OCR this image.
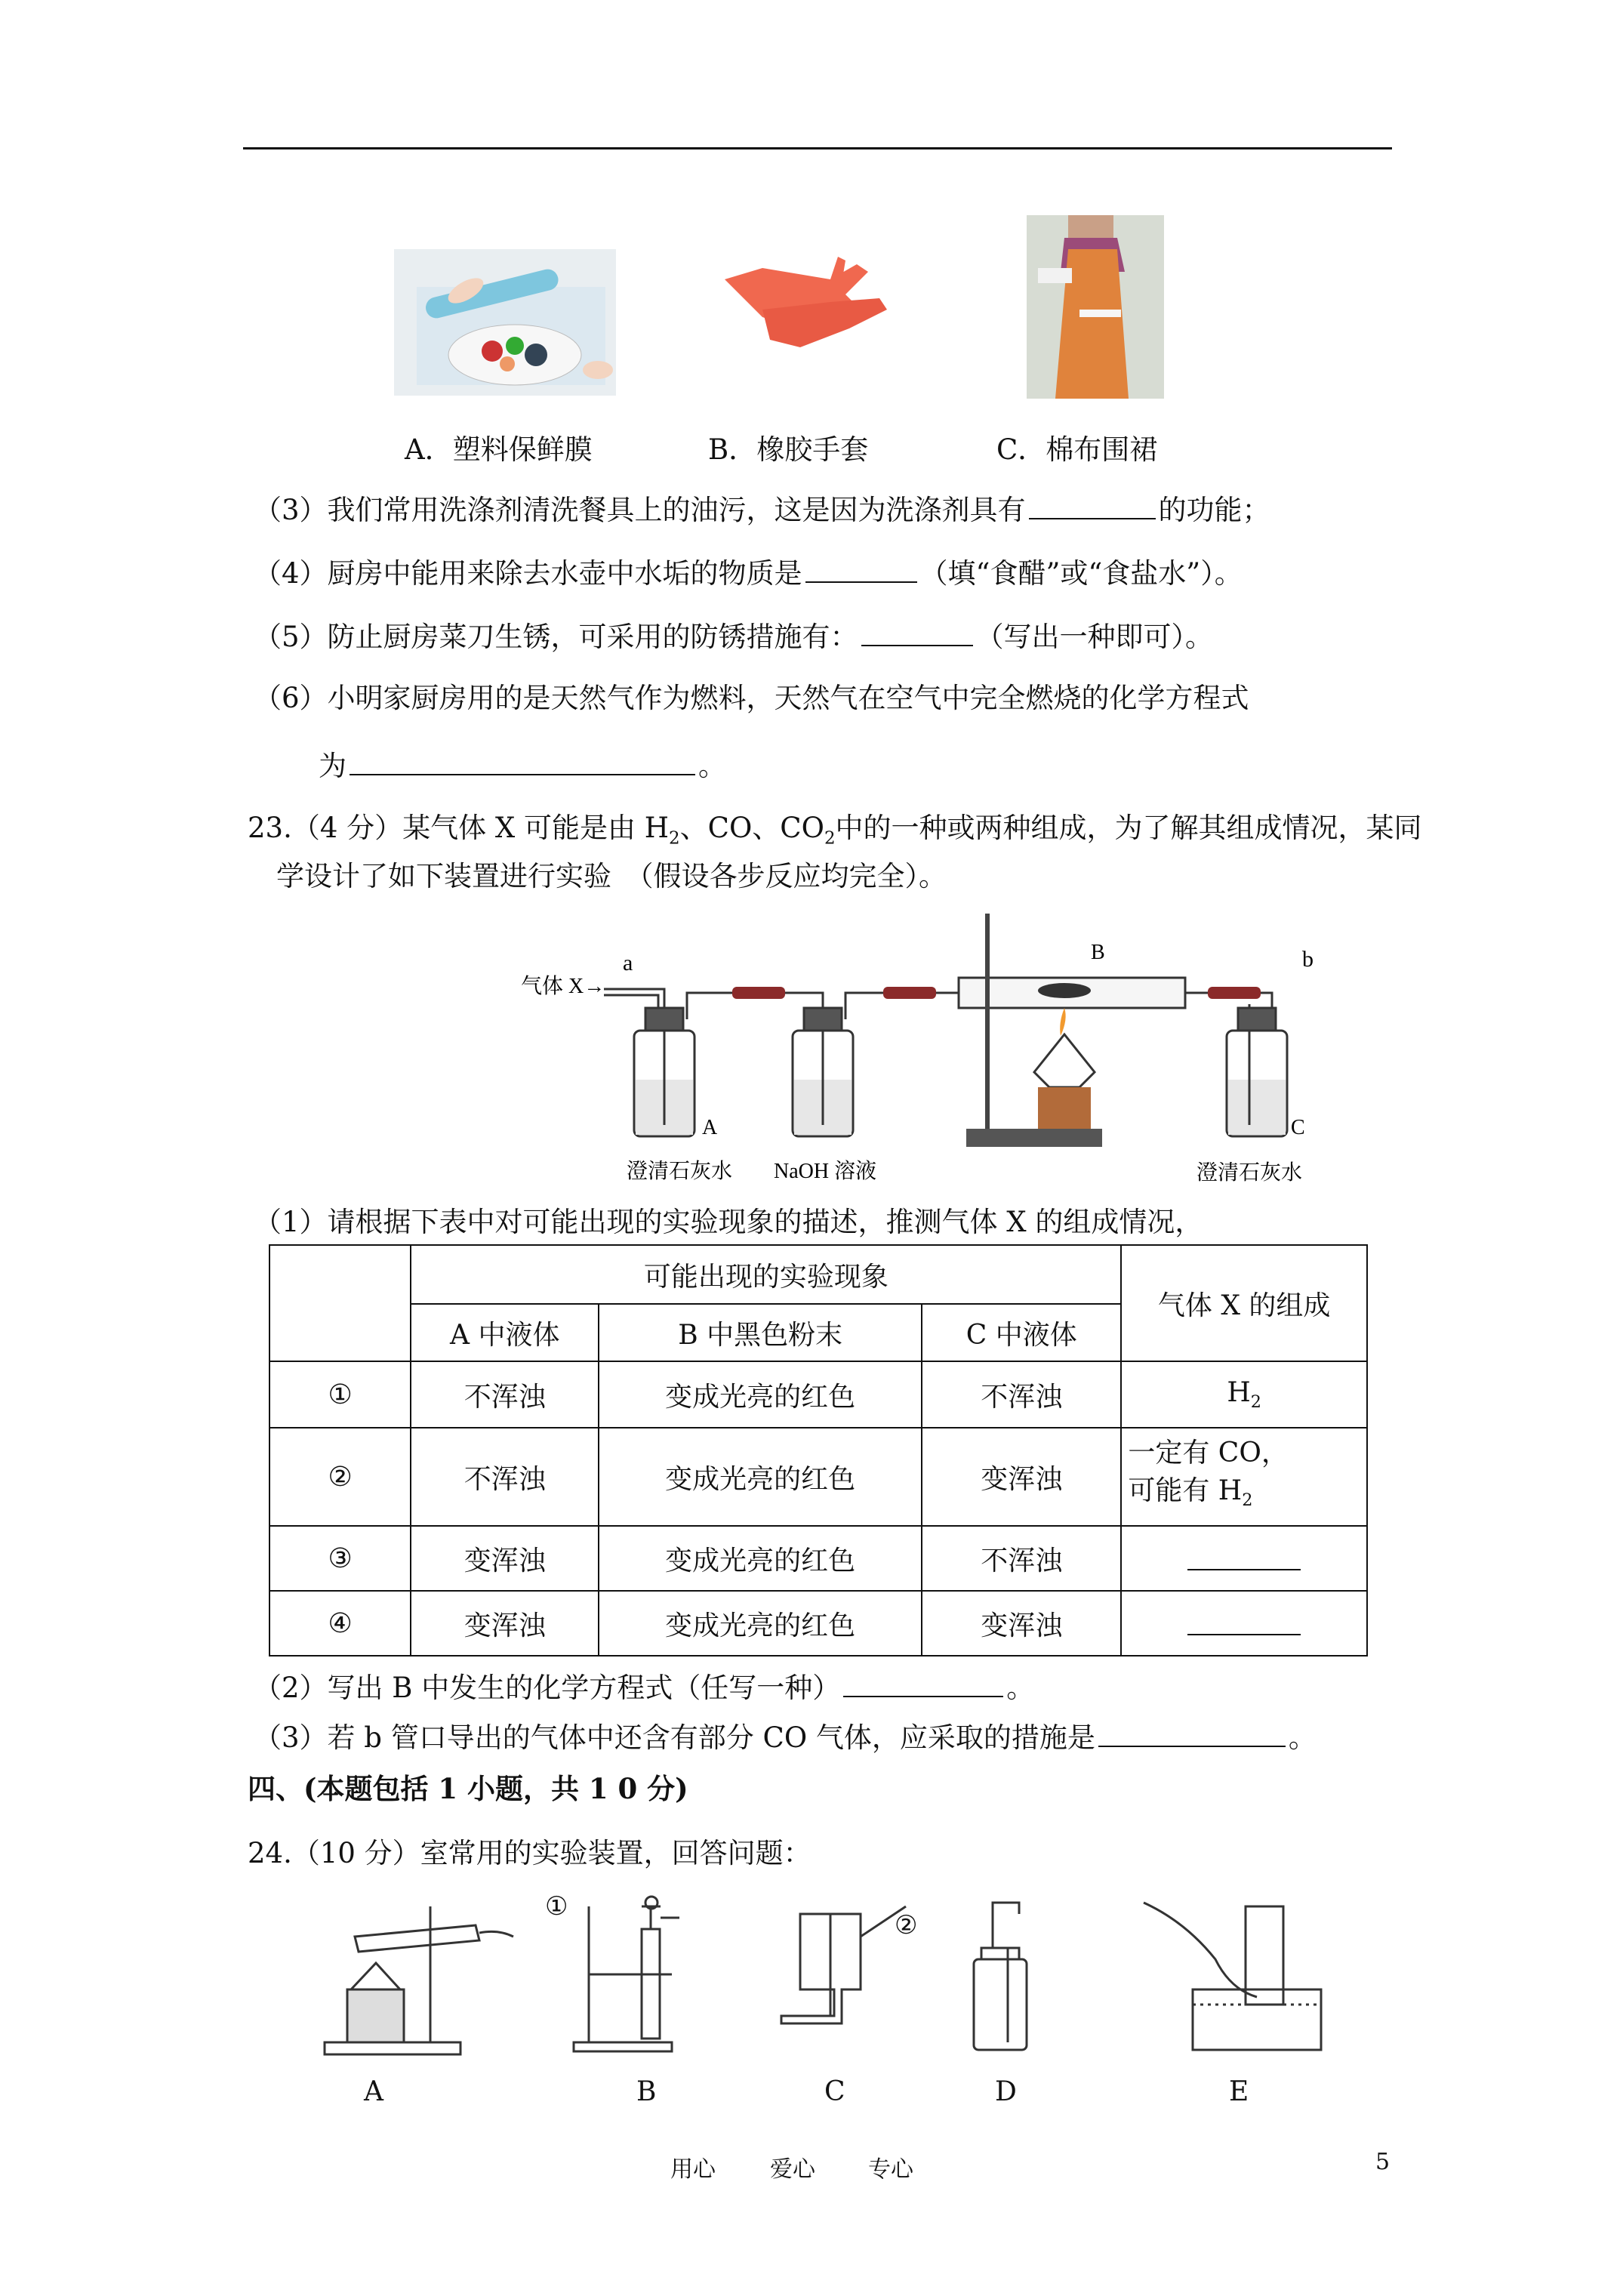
A．塑料保鲜膜	B．橡胶手套	C．棉布围裙
（3）我们常用洗涤剂清洗餐具上的油污，这是因为洗涤剂具有	的功能；
（4）厨房中能用来除去水壶中水垢的物质是	（填“食醋”或“食盐水”）。
（5）防止厨房菜刀生锈，可采用的防锈措施有：	（写出一种即可）。
（6）小明家厨房用的是天然气作为燃料，天然气在空气中完全燃烧的化学方程式
为	。
23.（4 分）某气体 X 可能是由 $H_2$、CO、$CO_2$中的一种或两种组成，为了解其组成情况，某同
学设计了如下装置进行实验　（假设各步反应均完全）。
气体 X→
a	b
B
A	C
澄清石灰水 NaOH 溶液	澄清石灰水
（1）请根据下表中对可能出现的实验现象的描述，推测气体 X 的组成情况，
	可能出现的实验现象			气体 X 的组成
	A 中液体	B 中黑色粉末	C 中液体	
①	不浑浊	变成光亮的红色	不浑浊	$H_2$
②	不浑浊	变成光亮的红色	变浑浊	一定有 CO，
可能有 $H_2$

③	变浑浊	变成光亮的红色	不浑浊	
④	变浑浊	变成光亮的红色	变浑浊	
（2）写出 B 中发生的化学方程式（任写一种）	。
（3）若 b 管口导出的气体中还含有部分 CO 气体，应采取的措施是	。
四、(本题包括 1 小题，共 1 0 分)
24.（10 分）室常用的实验装置，回答问题：
①
②
A	B	C	D	E
用心 爱心 专心	5
